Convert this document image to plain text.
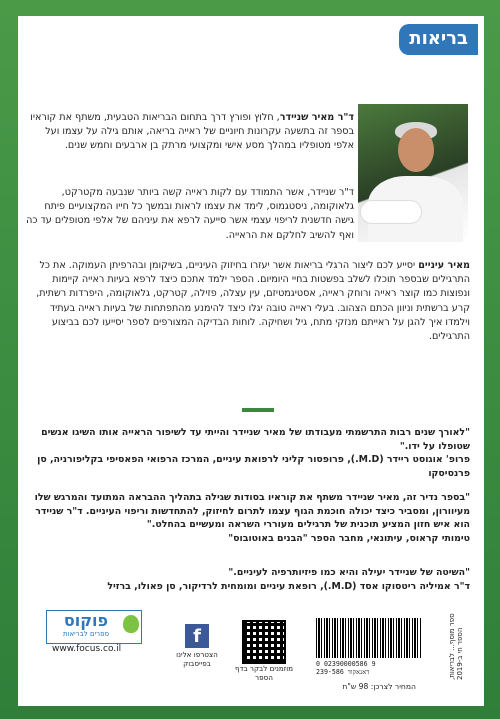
בריאות
ד"ר מאיר שניידר, חלוץ ופורץ דרך בתחום הבריאות הטבעית, משתף את קוראיו בספר זה בתשעה עקרונות חיוניים של ראייה בריאה, אותם גילה על עצמו ועל אלפי מטופליו במהלך מסע אישי ומקצועי מרתק בן ארבעים וחמש שנים.
ד"ר שניידר, אשר התמודד עם לקות ראייה קשה ביותר שנבעה מקטרקט, גלאוקומה, ניסטגמוס, לימד את עצמו לראות ובמשך כל חייו המקצועיים פיתח גישה חדשנית לריפוי עצמי אשר סייעה לרפא את עיניהם של אלפי מטופלים עד כה ואף להשיב לחלקם את הראייה.
מאיר עיניים יסייע לכם ליצור הרגלי בריאות אשר יעזרו בחיזוק העיניים, בשיקומן ובהרפיתן העמוקה. את כל התרגילים שבספר תוכלו לשלב בפשטות בחיי היומיום. הספר ילמד אתכם כיצד לרפא בעיות ראייה קיימות ונפוצות כמו קוצר ראייה ורוחק ראייה, אסטיגמטיזם, עין עצלה, פזילה, קטרקט, גלאוקומה, היפרדות רשתית, קרע ברשתית וניוון הכתם הצהוב. בעלי ראייה טובה יגלו כיצד להימנע מהתפתחות של בעיות ראייה בעתיד וילמדו איך להגן על ראייתם מנזקי מתח, גיל ושחיקה. לוחות הבדיקה המצורפים לספר יסייעו לכם בביצוע התרגילים.
"לאורך שנים רבות התרשמתי מעבודתו של מאיר שניידר והייתי עד לשיפור הראייה אותו השיגו אנשים שטופלו על ידו."
פרופ' אוגוסט ריידר (M.D.), פרופסור קליני לרפואת עיניים, המרכז הרפואי הפאסיפי בקליפורניה, סן פרנסיסקו
"בספר נדיר זה, מאיר שניידר משתף את קוראיו בסודות שגילה בתהליך ההבראה המתועד והמרגש שלו מעיוורון, ומסביר כיצד יכולה חוכמת הגוף עצמו לתרום לחיזוק, להתחדשות וריפוי העיניים. ד"ר שניידר הוא איש חזון המציע תוכנית של תרגילים מעוררי השראה ומעשיים בהחלט."
טימותי קראוס, עיתונאי, מחבר הספר "הבנים באוטובוס"
"השיטה של שניידר יעילה והיא כמו פיזיותרפיה לעיניים."
ד"ר אמיליה ריטסוקו אסד (M.D.), רופאת עיניים ומומחית לרדיקור, סן פאולו, ברזיל
פוקוס
ספרים לבריאות
www.focus.co.il
f
הצטרפו אלינו בפייסבוק
מוזמנים לבקר בדף הספר
0 02390000586 9
239-586 דאנאקוד
המחיר לצרכן: 98 ש"ח
ספר מוסף... לבריאות, הספר חי ב-2019
